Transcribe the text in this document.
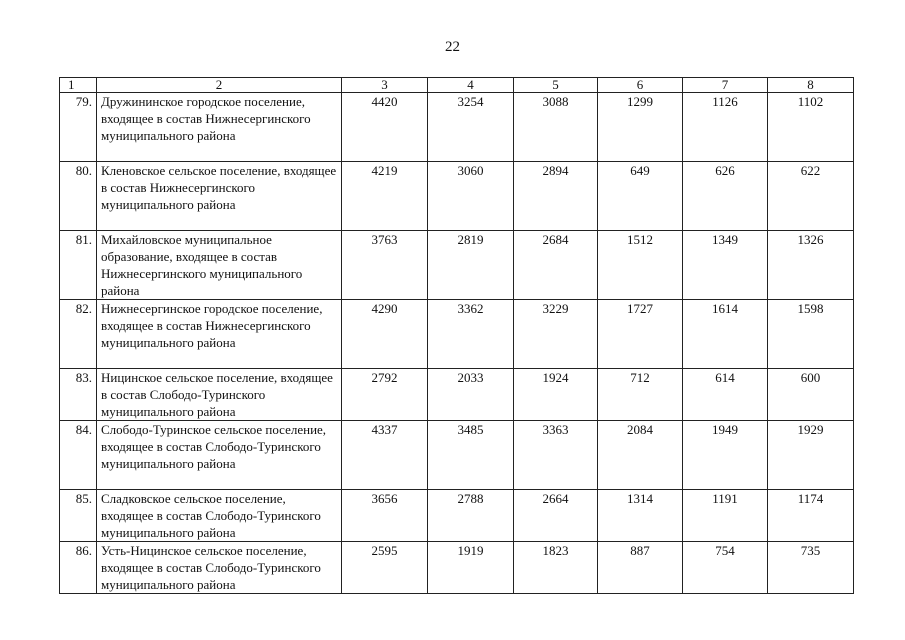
22
1	2	3	4	5	6	7	8
79.	Дружининское городское поселение, входящее в состав Нижнесергинского муниципального района	4420	3254	3088	1299	1126	1102
80.	Кленовское сельское поселение, входящее в состав Нижнесергинского муниципального района	4219	3060	2894	649	626	622
81.	Михайловское муниципальное образование, входящее в состав Нижнесергинского муниципального района	3763	2819	2684	1512	1349	1326
82.	Нижнесергинское городское поселение, входящее в состав Нижнесергинского муниципального района	4290	3362	3229	1727	1614	1598
83.	Ницинское сельское поселение, входящее в состав Слободо-Туринского муниципального района	2792	2033	1924	712	614	600
84.	Слободо-Туринское сельское поселение, входящее в состав Слободо-Туринского муниципального района	4337	3485	3363	2084	1949	1929
85.	Сладковское сельское поселение, входящее в состав Слободо-Туринского муниципального района	3656	2788	2664	1314	1191	1174
86.	Усть-Ницинское сельское поселение, входящее в состав Слободо-Туринского муниципального района	2595	1919	1823	887	754	735
